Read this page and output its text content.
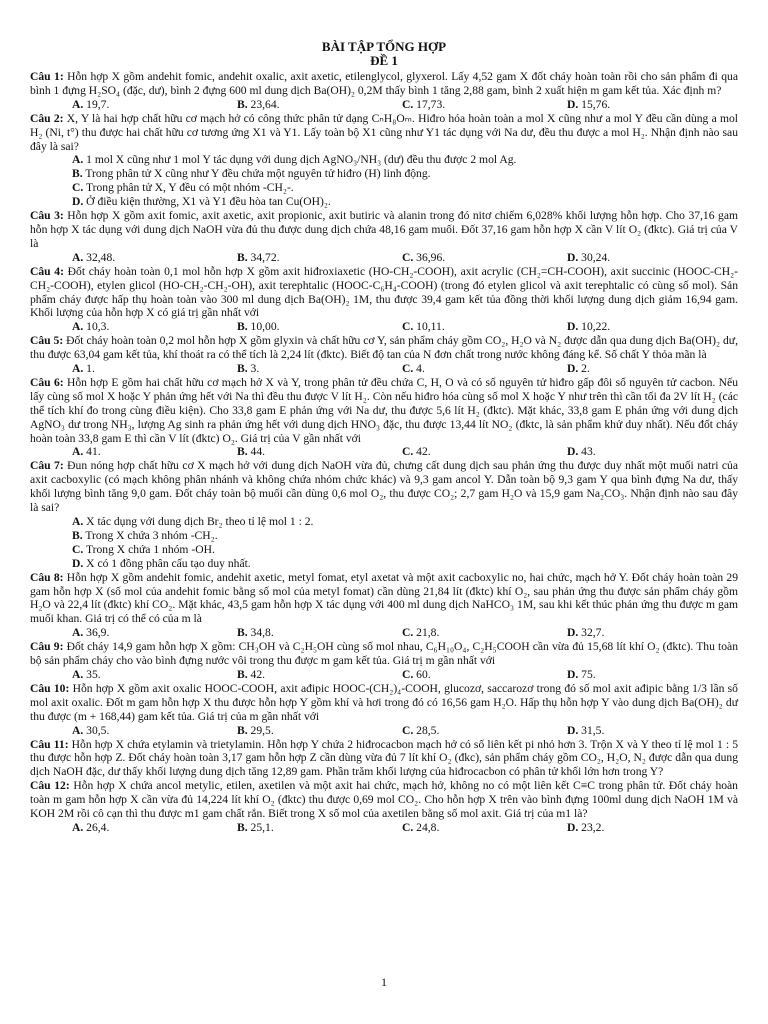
BÀI TẬP TỔNG HỢP
ĐỀ 1
Câu 1: Hỗn hợp X gồm andehit fomic, andehit oxalic, axit axetic, etilenglycol, glyxerol. Lấy 4,52 gam X đốt cháy hoàn toàn rồi cho sản phẩm đi qua bình 1 đựng H₂SO₄ (đặc, dư), bình 2 đựng 600 ml dung dịch Ba(OH)₂ 0,2M thấy bình 1 tăng 2,88 gam, bình 2 xuất hiện m gam kết tủa. Xác định m?
A. 19,7.	B. 23,64.	C. 17,73.	D. 15,76.
Câu 2: X, Y là hai hợp chất hữu cơ mạch hở có công thức phân tử dạng CₙH₈Oₘ. Hiđro hóa hoàn toàn a mol X cũng như a mol Y đều cần dùng a mol H₂ (Ni, t°) thu được hai chất hữu cơ tương ứng X1 và Y1. Lấy toàn bộ X1 cũng như Y1 tác dụng với Na dư, đều thu được a mol H₂. Nhận định nào sau đây là sai?
A. 1 mol X cũng như 1 mol Y tác dụng với dung dịch AgNO₃/NH₃ (dư) đều thu được 2 mol Ag.
B. Trong phân tử X cũng như Y đều chứa một nguyên tử hiđro (H) linh động.
C. Trong phân tử X, Y đều có một nhóm -CH₂-.
D. Ở điều kiện thường, X1 và Y1 đều hòa tan Cu(OH)₂.
Câu 3: Hỗn hợp X gồm axit fomic, axit axetic, axit propionic, axit butiric và alanin trong đó nitơ chiếm 6,028% khối lượng hỗn hợp. Cho 37,16 gam hỗn hợp X tác dụng với dung dịch NaOH vừa đủ thu được dung dịch chứa 48,16 gam muối. Đốt 37,16 gam hỗn hợp X cần V lít O₂ (đktc). Giá trị của V là
A. 32,48.	B. 34,72.	C. 36,96.	D. 30,24.
Câu 4: Đốt cháy hoàn toàn 0,1 mol hỗn hợp X gồm axit hiđroxiaxetic (HO-CH₂-COOH), axit acrylic (CH₂=CH-COOH), axit succinic (HOOC-CH₂-CH₂-COOH), etylen glicol (HO-CH₂-CH₂-OH), axit terephtalic (HOOC-C₆H₄-COOH) (trong đó etylen glicol và axit terephtalic có cùng số mol). Sản phẩm cháy được hấp thụ hoàn toàn vào 300 ml dung dịch Ba(OH)₂ 1M, thu được 39,4 gam kết tủa đồng thời khối lượng dung dịch giảm 16,94 gam. Khối lượng của hỗn hợp X có giá trị gần nhất với
A. 10,3.	B. 10,00.	C. 10,11.	D. 10,22.
Câu 5: Đốt cháy hoàn toàn 0,2 mol hỗn hợp X gồm glyxin và chất hữu cơ Y, sản phẩm cháy gồm CO₂, H₂O và N₂ được dẫn qua dung dịch Ba(OH)₂ dư, thu được 63,04 gam kết tủa, khí thoát ra có thể tích là 2,24 lít (đktc). Biết độ tan của N đơn chất trong nước không đáng kể. Số chất Y thỏa mãn là
A. 1.	B. 3.	C. 4.	D. 2.
Câu 6: Hỗn hợp E gồm hai chất hữu cơ mạch hở X và Y, trong phân tử đều chứa C, H, O và có số nguyên tử hiđro gấp đôi số nguyên tử cacbon. Nếu lấy cùng số mol X hoặc Y phản ứng hết với Na thì đều thu được V lít H₂. Còn nếu hiđro hóa cùng số mol X hoặc Y như trên thì cần tối đa 2V lít H₂ (các thể tích khí đo trong cùng điều kiện). Cho 33,8 gam E phản ứng với Na dư, thu được 5,6 lít H₂ (đktc). Mặt khác, 33,8 gam E phản ứng với dung dịch AgNO₃ dư trong NH₃, lượng Ag sinh ra phản ứng hết với dung dịch HNO₃ đặc, thu được 13,44 lít NO₂ (đktc, là sản phẩm khử duy nhất). Nếu đốt cháy hoàn toàn 33,8 gam E thì cần V lít (đktc) O₂. Giá trị của V gần nhất với
A. 41.	B. 44.	C. 42.	D. 43.
Câu 7: Đun nóng hợp chất hữu cơ X mạch hở với dung dịch NaOH vừa đủ, chưng cất dung dịch sau phản ứng thu được duy nhất một muối natri của axit cacboxylic (có mạch không phân nhánh và không chứa nhóm chức khác) và 9,3 gam ancol Y. Dẫn toàn bộ 9,3 gam Y qua bình đựng Na dư, thấy khối lượng bình tăng 9,0 gam. Đốt cháy toàn bộ muối cần dùng 0,6 mol O₂, thu được CO₂; 2,7 gam H₂O và 15,9 gam Na₂CO₃. Nhận định nào sau đây là sai?
A. X tác dụng với dung dịch Br₂ theo tỉ lệ mol 1 : 2.
B. Trong X chứa 3 nhóm -CH₂.
C. Trong X chứa 1 nhóm -OH.
D. X có 1 đồng phân cấu tạo duy nhất.
Câu 8: Hỗn hợp X gồm andehit fomic, andehit axetic, metyl fomat, etyl axetat và một axit cacboxylic no, hai chức, mạch hở Y. Đốt cháy hoàn toàn 29 gam hỗn hợp X (số mol của andehit fomic bằng số mol của metyl fomat) cần dùng 21,84 lít (đktc) khí O₂, sau phản ứng thu được sản phẩm cháy gồm H₂O và 22,4 lít (đktc) khí CO₂. Mặt khác, 43,5 gam hỗn hợp X tác dụng với 400 ml dung dịch NaHCO₃ 1M, sau khi kết thúc phản ứng thu được m gam muối khan. Giá trị có thể có của m là
A. 36,9.	B. 34,8.	C. 21,8.	D. 32,7.
Câu 9: Đốt cháy 14,9 gam hỗn hợp X gồm: CH₃OH và C₂H₅OH cùng số mol nhau, C₆H₁₀O₄, C₂H₅COOH cần vừa đủ 15,68 lít khí O₂ (đktc). Thu toàn bộ sản phẩm cháy cho vào bình đựng nước vôi trong thu được m gam kết tủa. Giá trị m gần nhất với
A. 35.	B. 42.	C. 60.	D. 75.
Câu 10: Hỗn hợp X gồm axit oxalic HOOC-COOH, axit ađipic HOOC-(CH₂)₄-COOH, glucozơ, saccarozơ trong đó số mol axit ađipic bằng 1/3 lần số mol axit oxalic. Đốt m gam hỗn hợp X thu được hỗn hợp Y gồm khí và hơi trong đó có 16,56 gam H₂O. Hấp thụ hỗn hợp Y vào dung dịch Ba(OH)₂ dư thu được (m + 168,44) gam kết tủa. Giá trị của m gần nhất với
A. 30,5.	B. 29,5.	C. 28,5.	D. 31,5.
Câu 11: Hỗn hợp X chứa etylamin và trietylamin. Hỗn hợp Y chứa 2 hiđrocacbon mạch hở có số liên kết pi nhỏ hơn 3. Trộn X và Y theo tỉ lệ mol 1 : 5 thu được hỗn hợp Z. Đốt cháy hoàn toàn 3,17 gam hỗn hợp Z cần dùng vừa đủ 7 lít khí O₂ (đkc), sản phẩm cháy gồm CO₂, H₂O, N₂ được dẫn qua dung dịch NaOH đặc, dư thấy khối lượng dung dịch tăng 12,89 gam. Phần trăm khối lượng của hiđrocacbon có phân tử khối lớn hơn trong Y?
Câu 12: Hỗn hợp X chứa ancol metylic, etilen, axetilen và một axit hai chức, mạch hở, không no có một liên kết C≡C trong phân tử. Đốt cháy hoàn toàn m gam hỗn hợp X cần vừa đủ 14,224 lít khí O₂ (đktc) thu được 0,69 mol CO₂. Cho hỗn hợp X trên vào bình đựng 100ml dung dịch NaOH 1M và KOH 2M rồi cô cạn thì thu được m1 gam chất rắn. Biết trong X số mol của axetilen bằng số mol axit. Giá trị của m1 là?
A. 26,4.	B. 25,1.	C. 24,8.	D. 23,2.
1
